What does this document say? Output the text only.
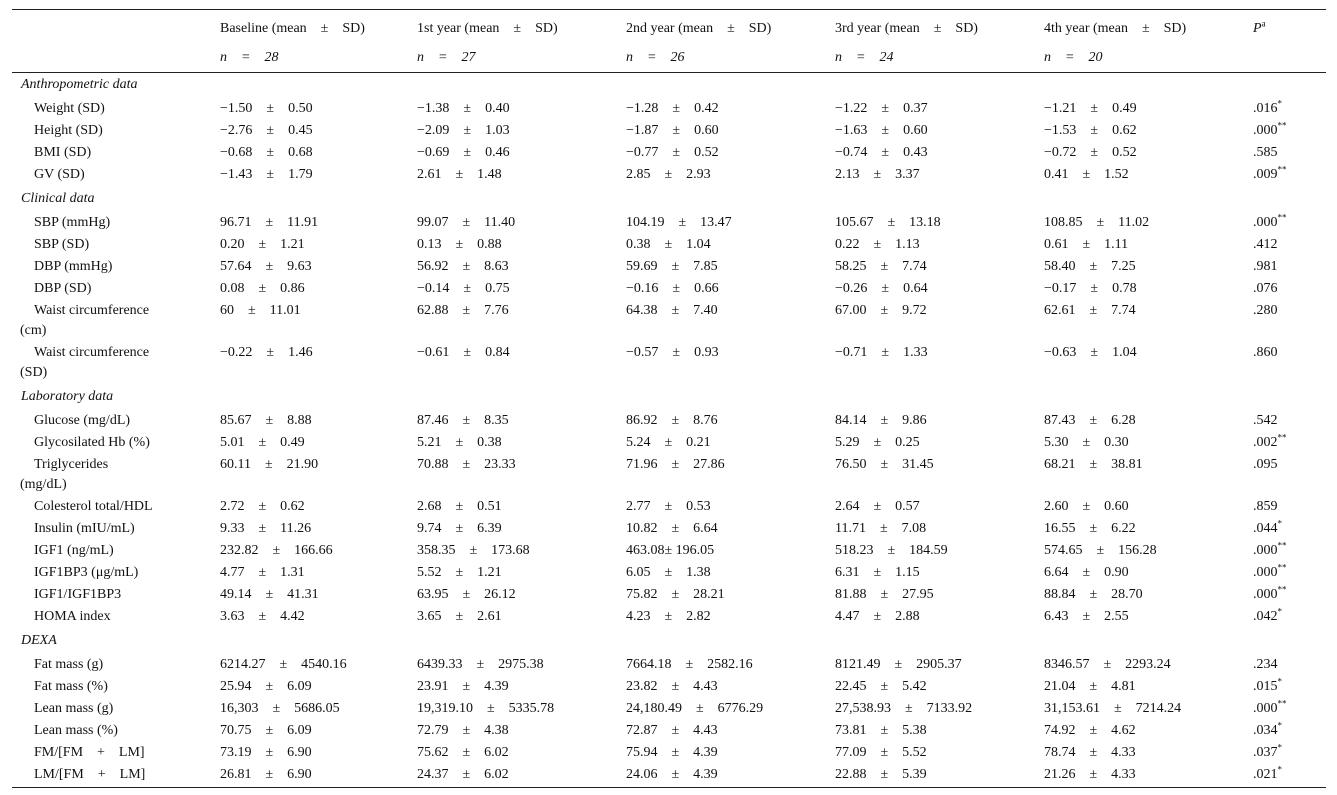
	Baseline (mean ± SD)	1st year (mean ± SD)	2nd year (mean ± SD)	3rd year (mean ± SD)	4th year (mean ± SD)	$P^a$
	n = 28	n = 27	n = 26	n = 24	n = 20	
Anthropometric data						
Weight (SD)	−1.50 ± 0.50	−1.38 ± 0.40	−1.28 ± 0.42	−1.22 ± 0.37	−1.21 ± 0.49	.016*
Height (SD)	−2.76 ± 0.45	−2.09 ± 1.03	−1.87 ± 0.60	−1.63 ± 0.60	−1.53 ± 0.62	.000**
BMI (SD)	−0.68 ± 0.68	−0.69 ± 0.46	−0.77 ± 0.52	−0.74 ± 0.43	−0.72 ± 0.52	.585
GV (SD)	−1.43 ± 1.79	2.61 ± 1.48	2.85 ± 2.93	2.13 ± 3.37	0.41 ± 1.52	.009**
Clinical data						
SBP (mmHg)	96.71 ± 11.91	99.07 ± 11.40	104.19 ± 13.47	105.67 ± 13.18	108.85 ± 11.02	.000**
SBP (SD)	0.20 ± 1.21	0.13 ± 0.88	0.38 ± 1.04	0.22 ± 1.13	0.61 ± 1.11	.412
DBP (mmHg)	57.64 ± 9.63	56.92 ± 8.63	59.69 ± 7.85	58.25 ± 7.74	58.40 ± 7.25	.981
DBP (SD)	0.08 ± 0.86	−0.14 ± 0.75	−0.16 ± 0.66	−0.26 ± 0.64	−0.17 ± 0.78	.076

Waist circumference
(cm)	60 ± 11.01	62.88 ± 7.76	64.38 ± 7.40	67.00 ± 9.72	62.61 ± 7.74	.280

Waist circumference
(SD)	−0.22 ± 1.46	−0.61 ± 0.84	−0.57 ± 0.93	−0.71 ± 1.33	−0.63 ± 1.04	.860
Laboratory data						
Glucose (mg/dL)	85.67 ± 8.88	87.46 ± 8.35	86.92 ± 8.76	84.14 ± 9.86	87.43 ± 6.28	.542
Glycosilated Hb (%)	5.01 ± 0.49	5.21 ± 0.38	5.24 ± 0.21	5.29 ± 0.25	5.30 ± 0.30	.002**

Triglycerides
(mg/dL)	60.11 ± 21.90	70.88 ± 23.33	71.96 ± 27.86	76.50 ± 31.45	68.21 ± 38.81	.095
Colesterol total/HDL	2.72 ± 0.62	2.68 ± 0.51	2.77 ± 0.53	2.64 ± 0.57	2.60 ± 0.60	.859
Insulin (mIU/mL)	9.33 ± 11.26	9.74 ± 6.39	10.82 ± 6.64	11.71 ± 7.08	16.55 ± 6.22	.044*
IGF1 (ng/mL)	232.82 ± 166.66	358.35 ± 173.68	463.08± 196.05	518.23 ± 184.59	574.65 ± 156.28	.000**
IGF1BP3 (μg/mL)	4.77 ± 1.31	5.52 ± 1.21	6.05 ± 1.38	6.31 ± 1.15	6.64 ± 0.90	.000**
IGF1/IGF1BP3	49.14 ± 41.31	63.95 ± 26.12	75.82 ± 28.21	81.88 ± 27.95	88.84 ± 28.70	.000**
HOMA index	3.63 ± 4.42	3.65 ± 2.61	4.23 ± 2.82	4.47 ± 2.88	6.43 ± 2.55	.042*
DEXA						
Fat mass (g)	6214.27 ± 4540.16	6439.33 ± 2975.38	7664.18 ± 2582.16	8121.49 ± 2905.37	8346.57 ± 2293.24	.234
Fat mass (%)	25.94 ± 6.09	23.91 ± 4.39	23.82 ± 4.43	22.45 ± 5.42	21.04 ± 4.81	.015*
Lean mass (g)	16,303 ± 5686.05	19,319.10 ± 5335.78	24,180.49 ± 6776.29	27,538.93 ± 7133.92	31,153.61 ± 7214.24	.000**
Lean mass (%)	70.75 ± 6.09	72.79 ± 4.38	72.87 ± 4.43	73.81 ± 5.38	74.92 ± 4.62	.034*
FM/[FM + LM]	73.19 ± 6.90	75.62 ± 6.02	75.94 ± 4.39	77.09 ± 5.52	78.74 ± 4.33	.037*
LM/[FM + LM]	26.81 ± 6.90	24.37 ± 6.02	24.06 ± 4.39	22.88 ± 5.39	21.26 ± 4.33	.021*
